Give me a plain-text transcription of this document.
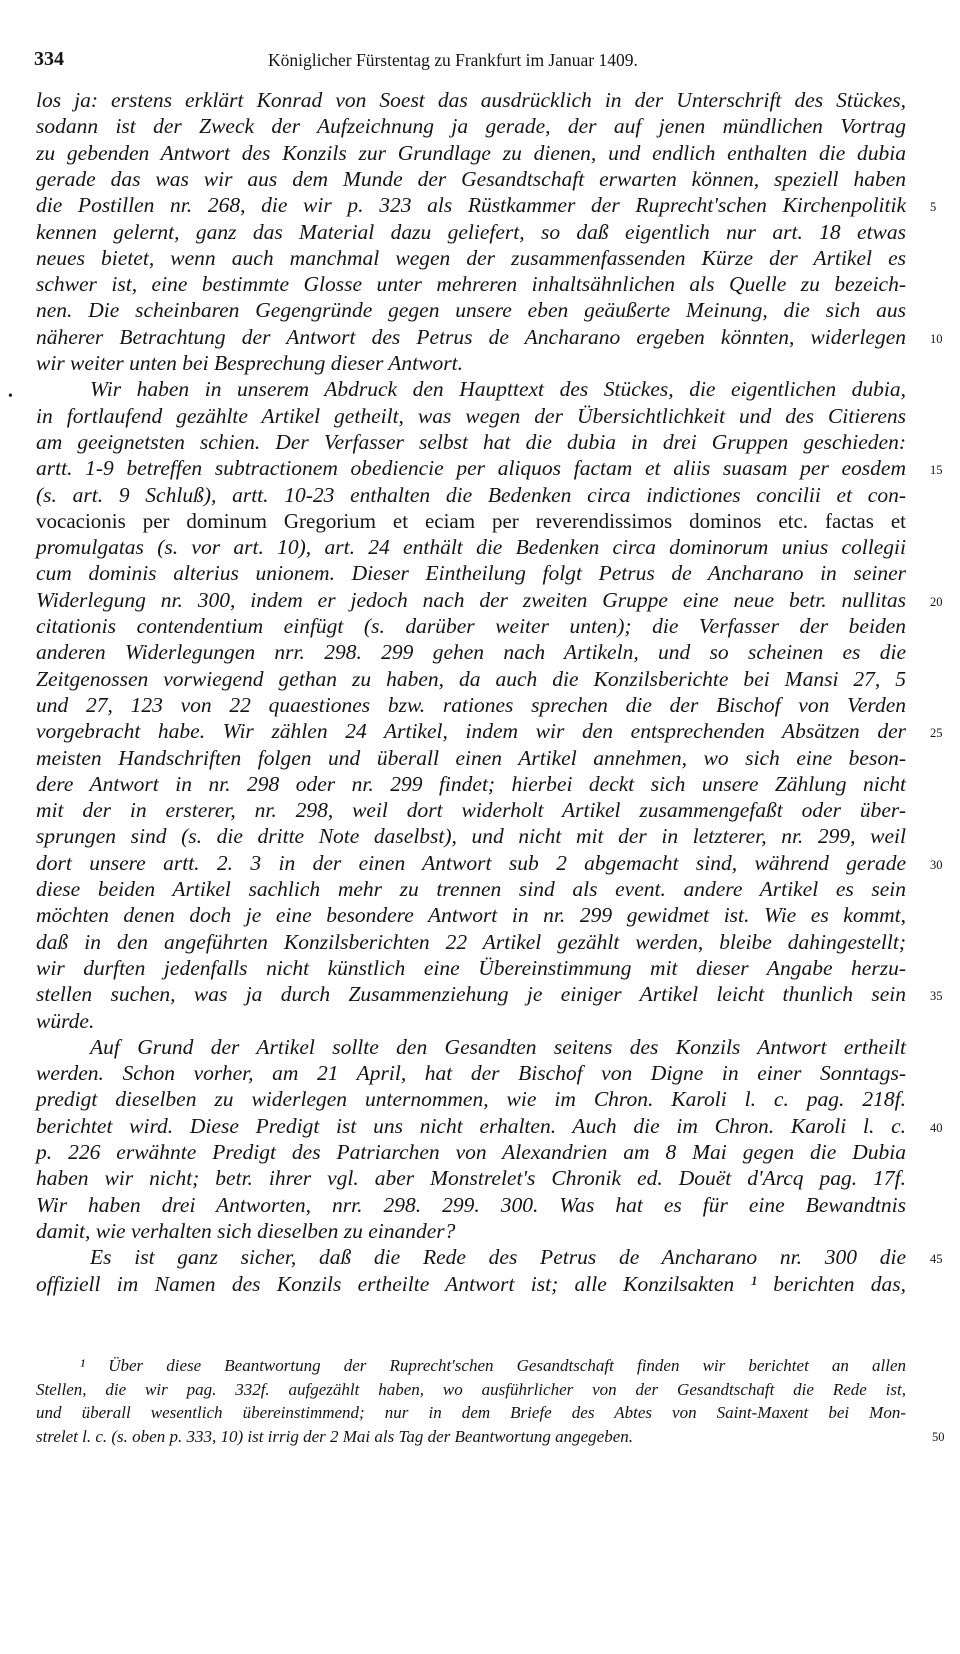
334	Königlicher Fürstentag zu Frankfurt im Januar 1409.
•
los ja: erstens erklärt Konrad von Soest das ausdrücklich in der Unterschrift des Stückes,
sodann ist der Zweck der Aufzeichnung ja gerade, der auf jenen mündlichen Vortrag
zu gebenden Antwort des Konzils zur Grundlage zu dienen, und endlich enthalten die dubia
gerade das was wir aus dem Munde der Gesandtschaft erwarten können, speziell haben
die Postillen nr. 268, die wir p. 323 als Rüstkammer der Ruprecht'schen Kirchenpolitik 5
kennen gelernt, ganz das Material dazu geliefert, so daß eigentlich nur art. 18 etwas
neues bietet, wenn auch manchmal wegen der zusammenfassenden Kürze der Artikel es
schwer ist, eine bestimmte Glosse unter mehreren inhaltsähnlichen als Quelle zu bezeich-
nen. Die scheinbaren Gegengründe gegen unsere eben geäußerte Meinung, die sich aus
näherer Betrachtung der Antwort des Petrus de Ancharano ergeben könnten, widerlegen 10
wir weiter unten bei Besprechung dieser Antwort.
Wir haben in unserem Abdruck den Haupttext des Stückes, die eigentlichen dubia,
in fortlaufend gezählte Artikel getheilt, was wegen der Übersichtlichkeit und des Citierens
am geeignetsten schien. Der Verfasser selbst hat die dubia in drei Gruppen geschieden:
artt. 1-9 betreffen subtractionem obediencie per aliquos factam et aliis suasam per eosdem 15
(s. art. 9 Schluß), artt. 10-23 enthalten die Bedenken circa indictiones concilii et con-
vocacionis per dominum Gregorium et eciam per reverendissimos dominos etc. factas et
promulgatas (s. vor art. 10), art. 24 enthält die Bedenken circa dominorum unius collegii
cum dominis alterius unionem. Dieser Eintheilung folgt Petrus de Ancharano in seiner
Widerlegung nr. 300, indem er jedoch nach der zweiten Gruppe eine neue betr. nullitas 20
citationis contendentium einfügt (s. darüber weiter unten); die Verfasser der beiden
anderen Widerlegungen nrr. 298. 299 gehen nach Artikeln, und so scheinen es die
Zeitgenossen vorwiegend gethan zu haben, da auch die Konzilsberichte bei Mansi 27, 5
und 27, 123 von 22 quaestiones bzw. rationes sprechen die der Bischof von Verden
vorgebracht habe. Wir zählen 24 Artikel, indem wir den entsprechenden Absätzen der 25
meisten Handschriften folgen und überall einen Artikel annehmen, wo sich eine beson-
dere Antwort in nr. 298 oder nr. 299 findet; hierbei deckt sich unsere Zählung nicht
mit der in ersterer, nr. 298, weil dort widerholt Artikel zusammengefaßt oder über-
sprungen sind (s. die dritte Note daselbst), und nicht mit der in letzterer, nr. 299, weil
dort unsere artt. 2. 3 in der einen Antwort sub 2 abgemacht sind, während gerade 30
diese beiden Artikel sachlich mehr zu trennen sind als event. andere Artikel es sein
möchten denen doch je eine besondere Antwort in nr. 299 gewidmet ist. Wie es kommt,
daß in den angeführten Konzilsberichten 22 Artikel gezählt werden, bleibe dahingestellt;
wir durften jedenfalls nicht künstlich eine Übereinstimmung mit dieser Angabe herzu-
stellen suchen, was ja durch Zusammenziehung je einiger Artikel leicht thunlich sein 35
würde.
Auf Grund der Artikel sollte den Gesandten seitens des Konzils Antwort ertheilt
werden. Schon vorher, am 21 April, hat der Bischof von Digne in einer Sonntags-
predigt dieselben zu widerlegen unternommen, wie im Chron. Karoli l. c. pag. 218f.
berichtet wird. Diese Predigt ist uns nicht erhalten. Auch die im Chron. Karoli l. c. 40
p. 226 erwähnte Predigt des Patriarchen von Alexandrien am 8 Mai gegen die Dubia
haben wir nicht; betr. ihrer vgl. aber Monstrelet's Chronik ed. Douët d'Arcq pag. 17f.
Wir haben drei Antworten, nrr. 298. 299. 300. Was hat es für eine Bewandtnis
damit, wie verhalten sich dieselben zu einander?
Es ist ganz sicher, daß die Rede des Petrus de Ancharano nr. 300 die 45
offiziell im Namen des Konzils ertheilte Antwort ist; alle Konzilsakten ¹ berichten das,
¹ Über diese Beantwortung der Ruprecht'schen Gesandtschaft finden wir berichtet an allen
Stellen, die wir pag. 332f. aufgezählt haben, wo ausführlicher von der Gesandtschaft die Rede ist,
und überall wesentlich übereinstimmend; nur in dem Briefe des Abtes von Saint-Maxent bei Mon-
strelet l. c. (s. oben p. 333, 10) ist irrig der 2 Mai als Tag der Beantwortung angegeben.	50
